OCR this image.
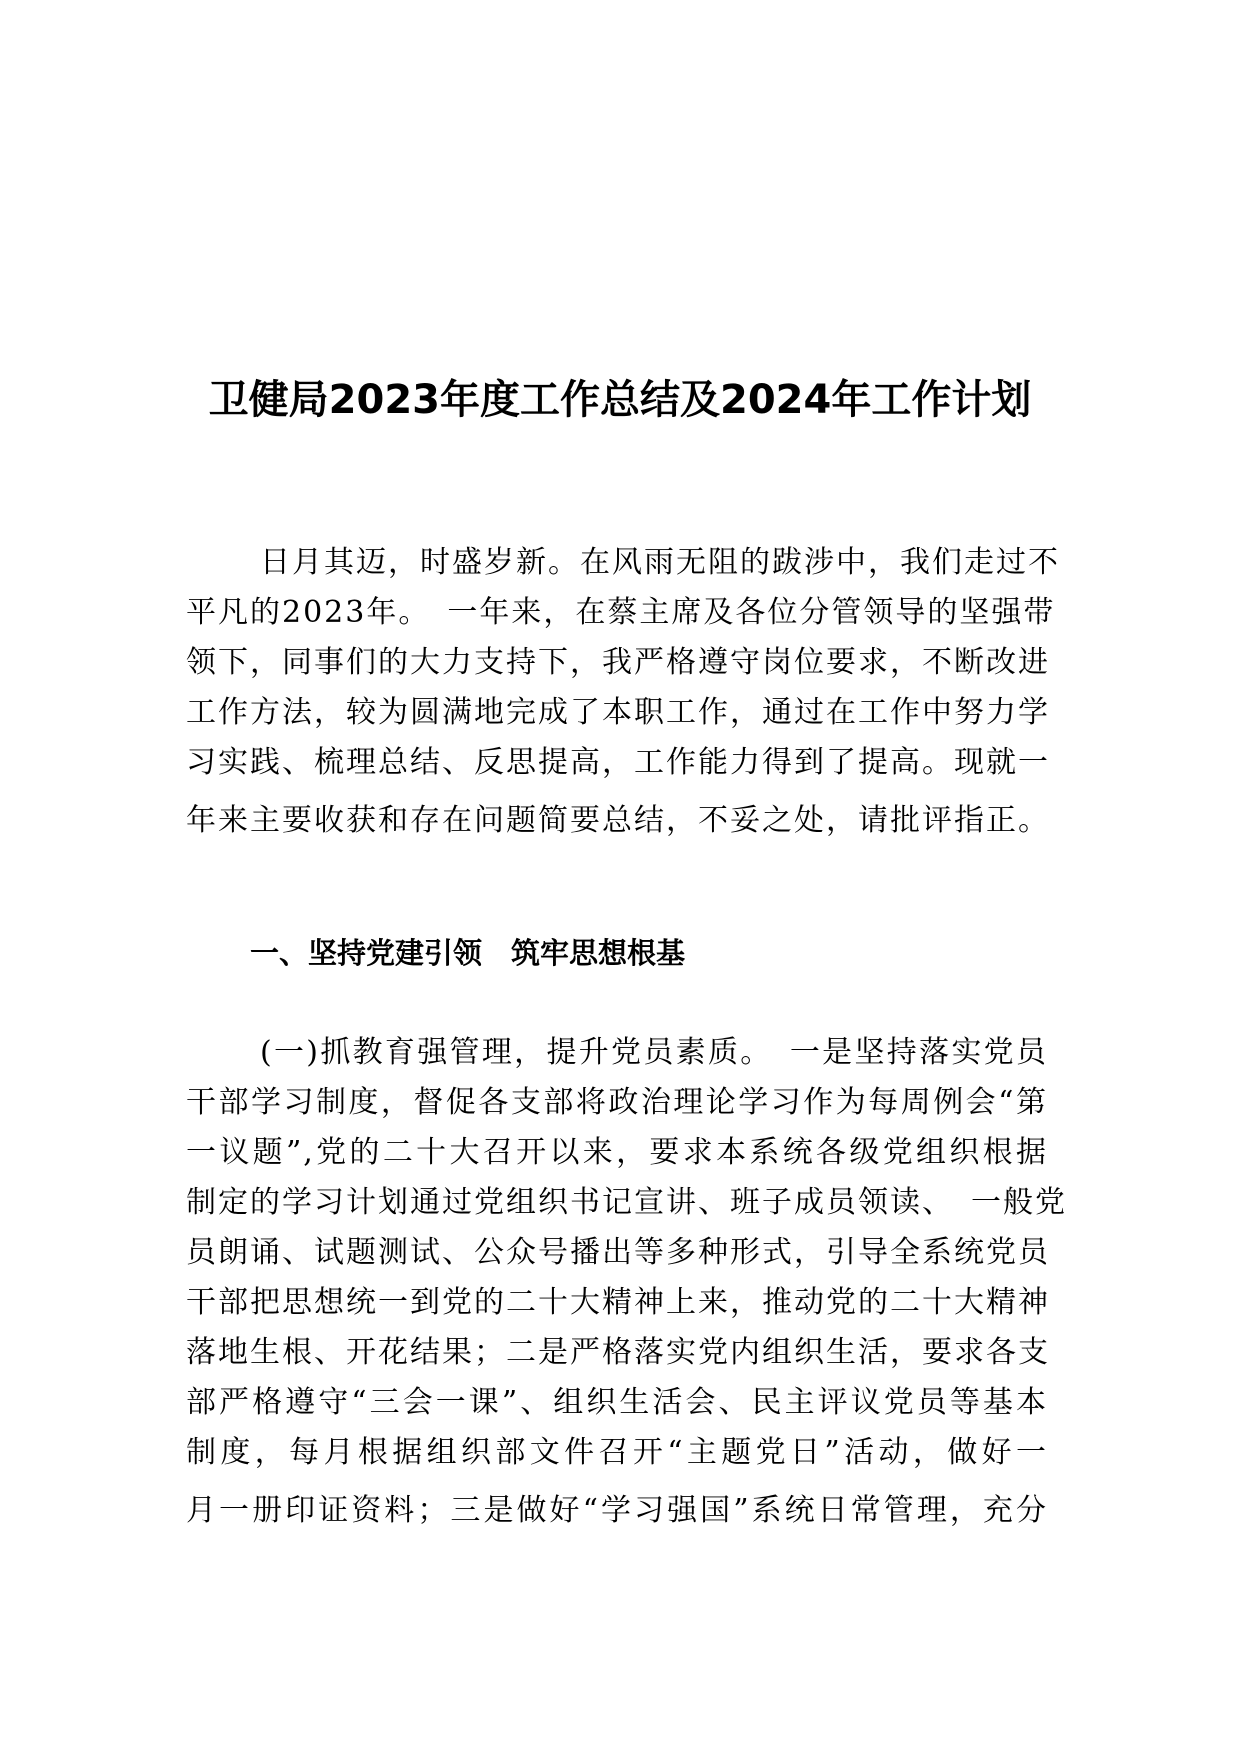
卫健局2023年度工作总结及2024年工作计划
日月其迈，时盛岁新。在风雨无阻的跋涉中，我们走过不
平凡的2023年。　一年来，在蔡主席及各位分管领导的坚强带
领下，同事们的大力支持下，我严格遵守岗位要求，不断改进
工作方法，较为圆满地完成了本职工作，通过在工作中努力学
习实践、梳理总结、反思提高，工作能力得到了提高。现就一
年来主要收获和存在问题简要总结，不妥之处，请批评指正。
一、坚持党建引领　筑牢思想根基
(一)抓教育强管理，提升党员素质。　一是坚持落实党员
干部学习制度，督促各支部将政治理论学习作为每周例会“第
一议题”,党的二十大召开以来，要求本系统各级党组织根据
制定的学习计划通过党组织书记宣讲、班子成员领读、　一般党
员朗诵、试题测试、公众号播出等多种形式，引导全系统党员
干部把思想统一到党的二十大精神上来，推动党的二十大精神
落地生根、开花结果；二是严格落实党内组织生活，要求各支
部严格遵守“三会一课”、组织生活会、民主评议党员等基本
制度，每月根据组织部文件召开“主题党日”活动，做好一
月一册印证资料；三是做好“学习强国”系统日常管理，充分
